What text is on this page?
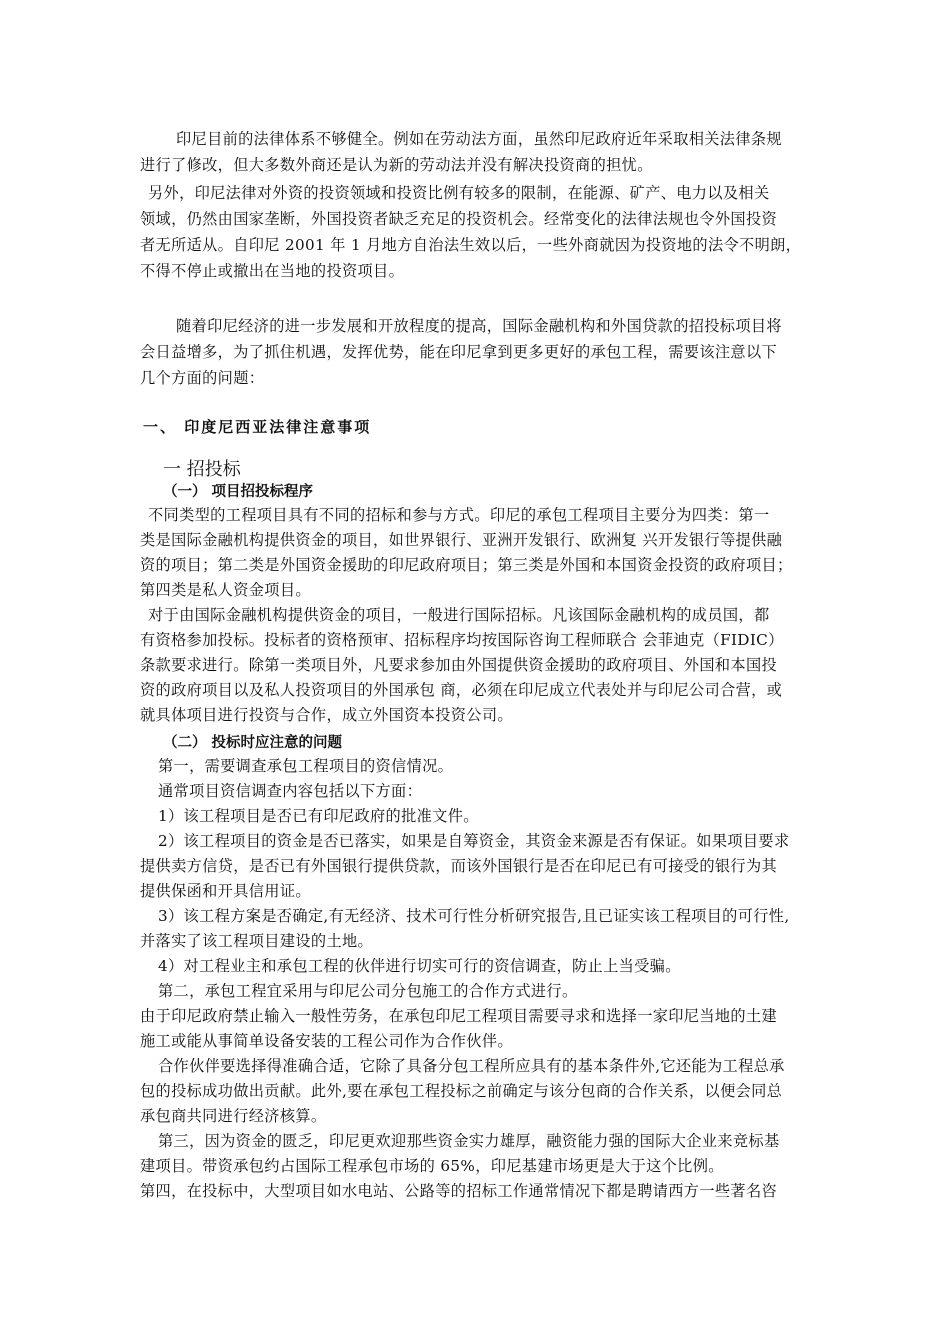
印尼目前的法律体系不够健全。例如在劳动法方面，虽然印尼政府近年采取相关法律条规
进行了修改，但大多数外商还是认为新的劳动法并没有解决投资商的担忧。
另外，印尼法律对外资的投资领域和投资比例有较多的限制，在能源、矿产、电力以及相关
领域，仍然由国家垄断，外国投资者缺乏充足的投资机会。经常变化的法律法规也令外国投资
者无所适从。自印尼 2001 年 1 月地方自治法生效以后，一些外商就因为投资地的法令不明朗，
不得不停止或撤出在当地的投资项目。
随着印尼经济的进一步发展和开放程度的提高，国际金融机构和外国贷款的招投标项目将
会日益增多，为了抓住机遇，发挥优势，能在印尼拿到更多更好的承包工程，需要该注意以下
几个方面的问题：
一、 印度尼西亚法律注意事项
一 招投标
（一） 项目招投标程序
不同类型的工程项目具有不同的招标和参与方式。印尼的承包工程项目主要分为四类：第一
类是国际金融机构提供资金的项目，如世界银行、亚洲开发银行、欧洲复 兴开发银行等提供融
资的项目；第二类是外国资金援助的印尼政府项目；第三类是外国和本国资金投资的政府项目；
第四类是私人资金项目。
对于由国际金融机构提供资金的项目，一般进行国际招标。凡该国际金融机构的成员国，都
有资格参加投标。投标者的资格预审、招标程序均按国际咨询工程师联合 会菲迪克（FIDIC）
条款要求进行。除第一类项目外，凡要求参加由外国提供资金援助的政府项目、外国和本国投
资的政府项目以及私人投资项目的外国承包 商，必须在印尼成立代表处并与印尼公司合营，或
就具体项目进行投资与合作，成立外国资本投资公司。
（二） 投标时应注意的问题
第一，需要调查承包工程项目的资信情况。
通常项目资信调查内容包括以下方面：
1）该工程项目是否已有印尼政府的批准文件。
2）该工程项目的资金是否已落实，如果是自筹资金，其资金来源是否有保证。如果项目要求
提供卖方信贷，是否已有外国银行提供贷款，而该外国银行是否在印尼已有可接受的银行为其
提供保函和开具信用证。
3）该工程方案是否确定,有无经济、技术可行性分析研究报告,且已证实该工程项目的可行性,
并落实了该工程项目建设的土地。
4）对工程业主和承包工程的伙伴进行切实可行的资信调查，防止上当受骗。
第二，承包工程宜采用与印尼公司分包施工的合作方式进行。
由于印尼政府禁止输入一般性劳务，在承包印尼工程项目需要寻求和选择一家印尼当地的土建
施工或能从事简单设备安装的工程公司作为合作伙伴。
合作伙伴要选择得准确合适，它除了具备分包工程所应具有的基本条件外,它还能为工程总承
包的投标成功做出贡献。此外,要在承包工程投标之前确定与该分包商的合作关系，以便会同总
承包商共同进行经济核算。
第三，因为资金的匮乏，印尼更欢迎那些资金实力雄厚，融资能力强的国际大企业来竞标基
建项目。带资承包约占国际工程承包市场的 65%，印尼基建市场更是大于这个比例。
第四，在投标中，大型项目如水电站、公路等的招标工作通常情况下都是聘请西方一些著名咨
